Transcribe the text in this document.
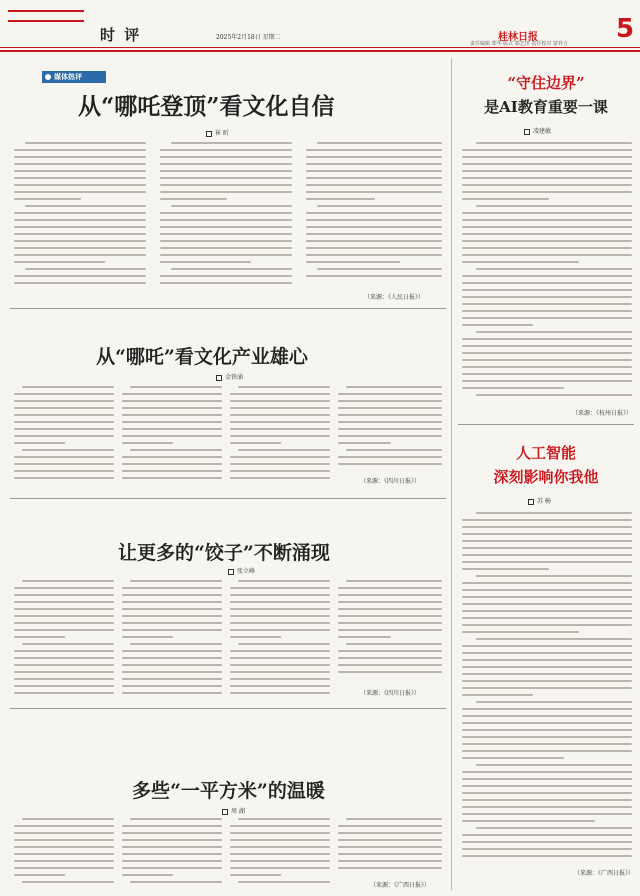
时 评	2025年2月18日 星期二	桂林日报
责任编辑 郑华 版式 郭艺田 责任校对 蒙祥吉 5
媒体热评
从“哪吒登顶”看文化自信
崔 昕
（来源：《人民日报》）
从“哪吒”看文化产业雄心
金铁涌
（来源：《四川日报》）
让更多的“饺子”不断涌现
张立峰
（来源：《四川日报》）
多些“一平方米”的温暖
周 湖
（来源：《广西日报》）
“守住边界”
是AI教育重要一课
凌建敏
（来源：《杭州日报》）
人工智能
深刻影响你我他
苏 畅
（来源：《广西日报》）
